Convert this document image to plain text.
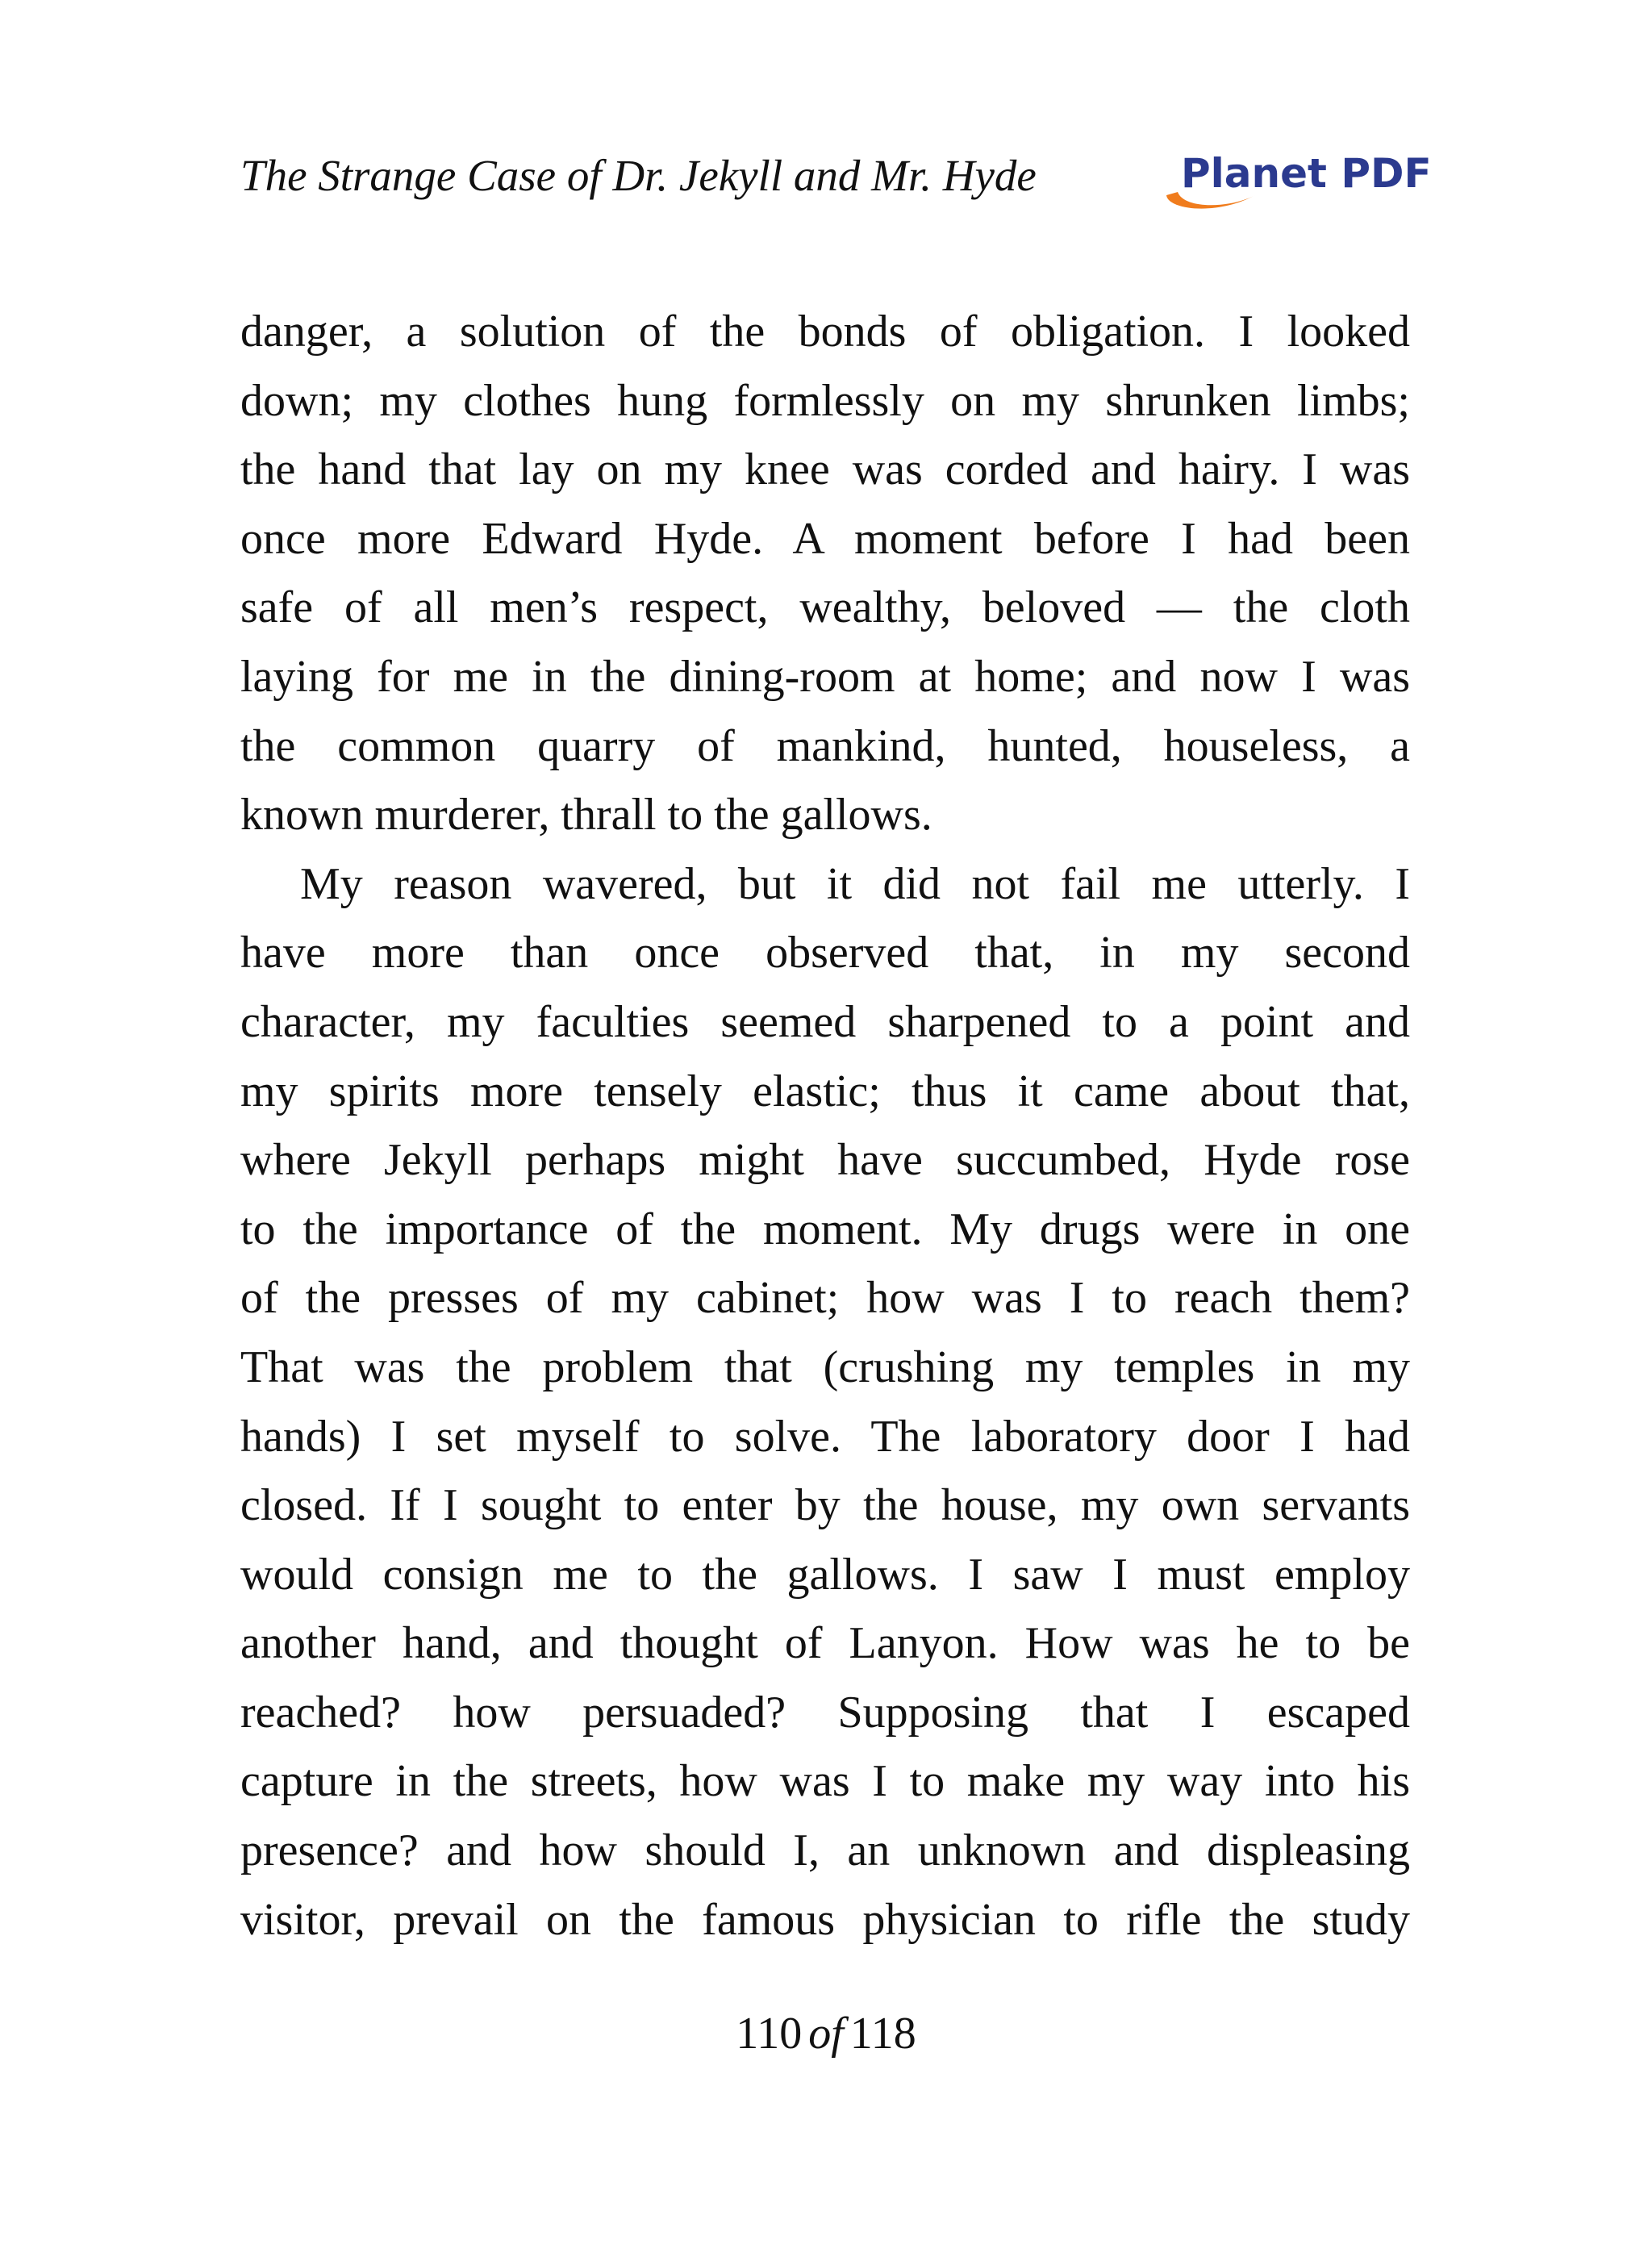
The Strange Case of Dr. Jekyll and Mr. Hyde	Planet PDF
danger, a solution of the bonds of obligation. I looked
down; my clothes hung formlessly on my shrunken limbs;
the hand that lay on my knee was corded and hairy. I was
once more Edward Hyde. A moment before I had been
safe of all men’s respect, wealthy, beloved — the cloth
laying for me in the dining-room at home; and now I was
the common quarry of mankind, hunted, houseless, a
known murderer, thrall to the gallows.
My reason wavered, but it did not fail me utterly. I
have more than once observed that, in my second
character, my faculties seemed sharpened to a point and
my spirits more tensely elastic; thus it came about that,
where Jekyll perhaps might have succumbed, Hyde rose
to the importance of the moment. My drugs were in one
of the presses of my cabinet; how was I to reach them?
That was the problem that (crushing my temples in my
hands) I set myself to solve. The laboratory door I had
closed. If I sought to enter by the house, my own servants
would consign me to the gallows. I saw I must employ
another hand, and thought of Lanyon. How was he to be
reached? how persuaded? Supposing that I escaped
capture in the streets, how was I to make my way into his
presence? and how should I, an unknown and displeasing
visitor, prevail on the famous physician to rifle the study
110 of 118
